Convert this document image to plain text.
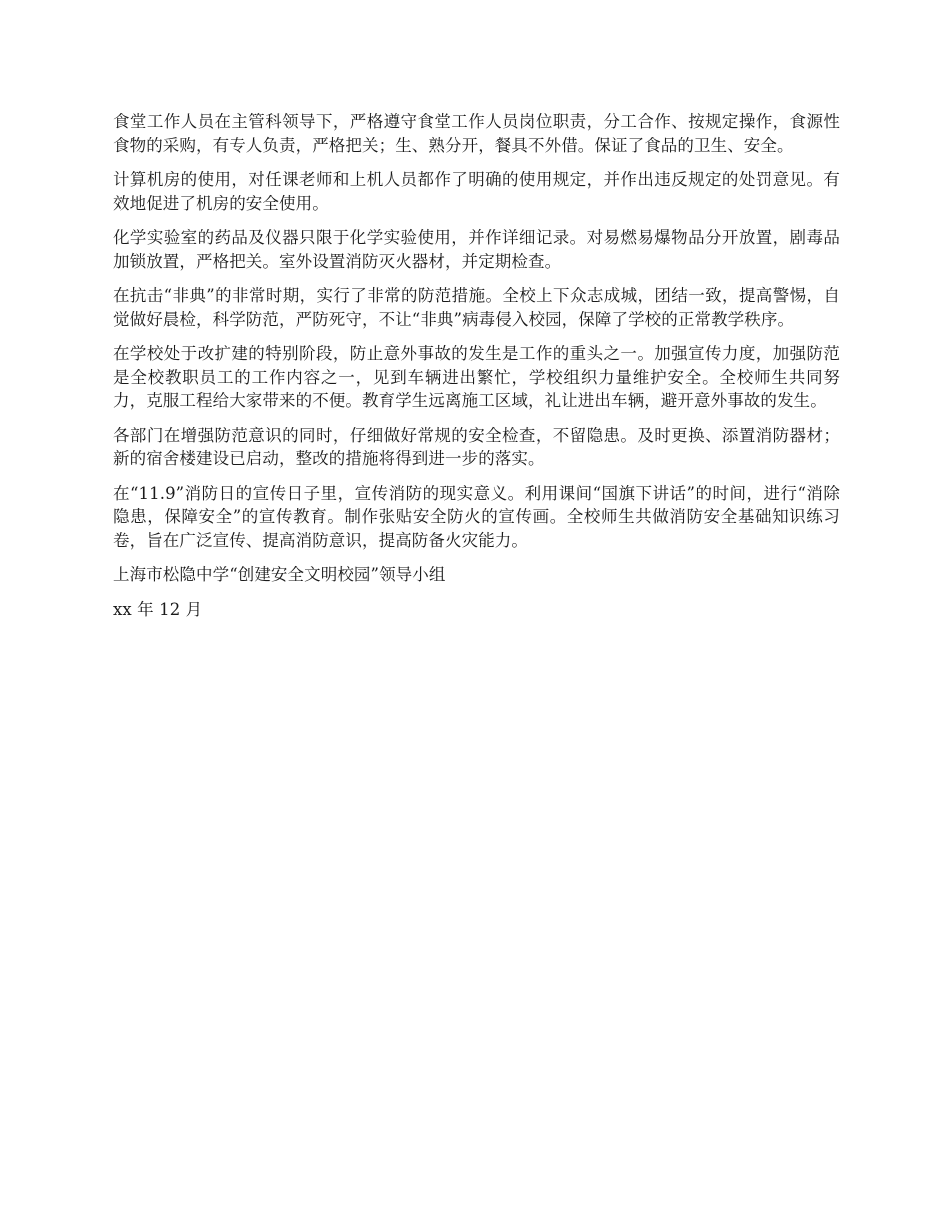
食堂工作人员在主管科领导下，严格遵守食堂工作人员岗位职责，分工合作、按规定操作，食源性食物的采购，有专人负责，严格把关；生、熟分开，餐具不外借。保证了食品的卫生、安全。

计算机房的使用，对任课老师和上机人员都作了明确的使用规定，并作出违反规定的处罚意见。有效地促进了机房的安全使用。

化学实验室的药品及仪器只限于化学实验使用，并作详细记录。对易燃易爆物品分开放置，剧毒品加锁放置，严格把关。室外设置消防灭火器材，并定期检查。

在抗击“非典”的非常时期，实行了非常的防范措施。全校上下众志成城，团结一致，提高警惕，自觉做好晨检，科学防范，严防死守，不让“非典”病毒侵入校园，保障了学校的正常教学秩序。

在学校处于改扩建的特别阶段，防止意外事故的发生是工作的重头之一。加强宣传力度，加强防范是全校教职员工的工作内容之一，见到车辆进出繁忙，学校组织力量维护安全。全校师生共同努力，克服工程给大家带来的不便。教育学生远离施工区域，礼让进出车辆，避开意外事故的发生。

各部门在增强防范意识的同时，仔细做好常规的安全检查，不留隐患。及时更换、添置消防器材；新的宿舍楼建设已启动，整改的措施将得到进一步的落实。

在“11.9”消防日的宣传日子里，宣传消防的现实意义。利用课间“国旗下讲话”的时间，进行“消除隐患，保障安全”的宣传教育。制作张贴安全防火的宣传画。全校师生共做消防安全基础知识练习卷，旨在广泛宣传、提高消防意识，提高防备火灾能力。

上海市松隐中学“创建安全文明校园”领导小组

xx 年 12 月
